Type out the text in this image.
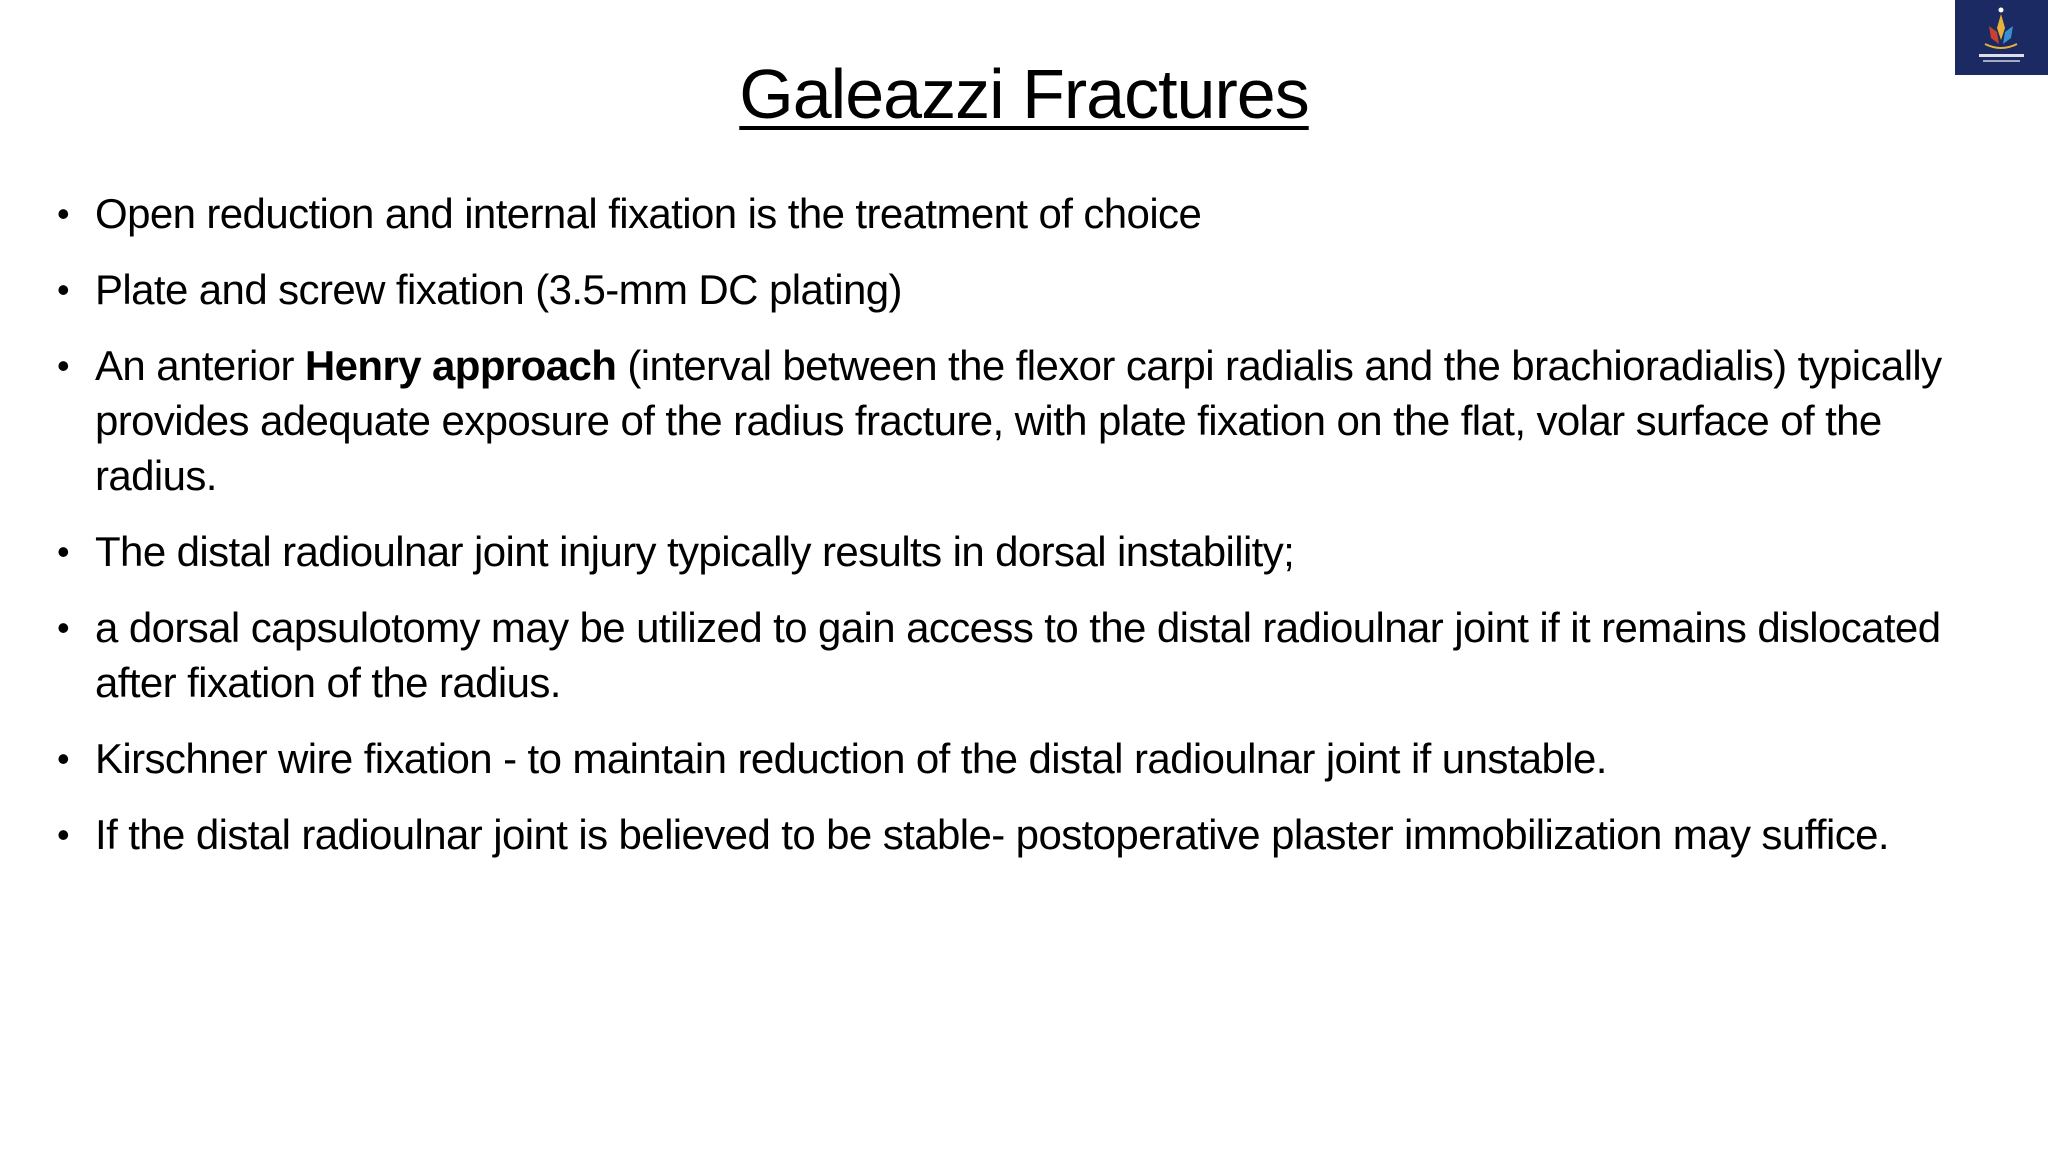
Galeazzi Fractures
• Open reduction and internal fixation is the treatment of choice
• Plate and screw fixation (3.5-mm DC plating)
• An anterior Henry approach (interval between the flexor carpi radialis and the brachioradialis) typically provides adequate exposure of the radius fracture, with plate fixation on the flat, volar surface of the radius.
• The distal radioulnar joint injury typically results in dorsal instability;
• a dorsal capsulotomy may be utilized to gain access to the distal radioulnar joint if it remains dislocated after fixation of the radius.
• Kirschner wire fixation - to maintain reduction of the distal radioulnar joint if unstable.
• If the distal radioulnar joint is believed to be stable- postoperative plaster immobilization may suffice.
